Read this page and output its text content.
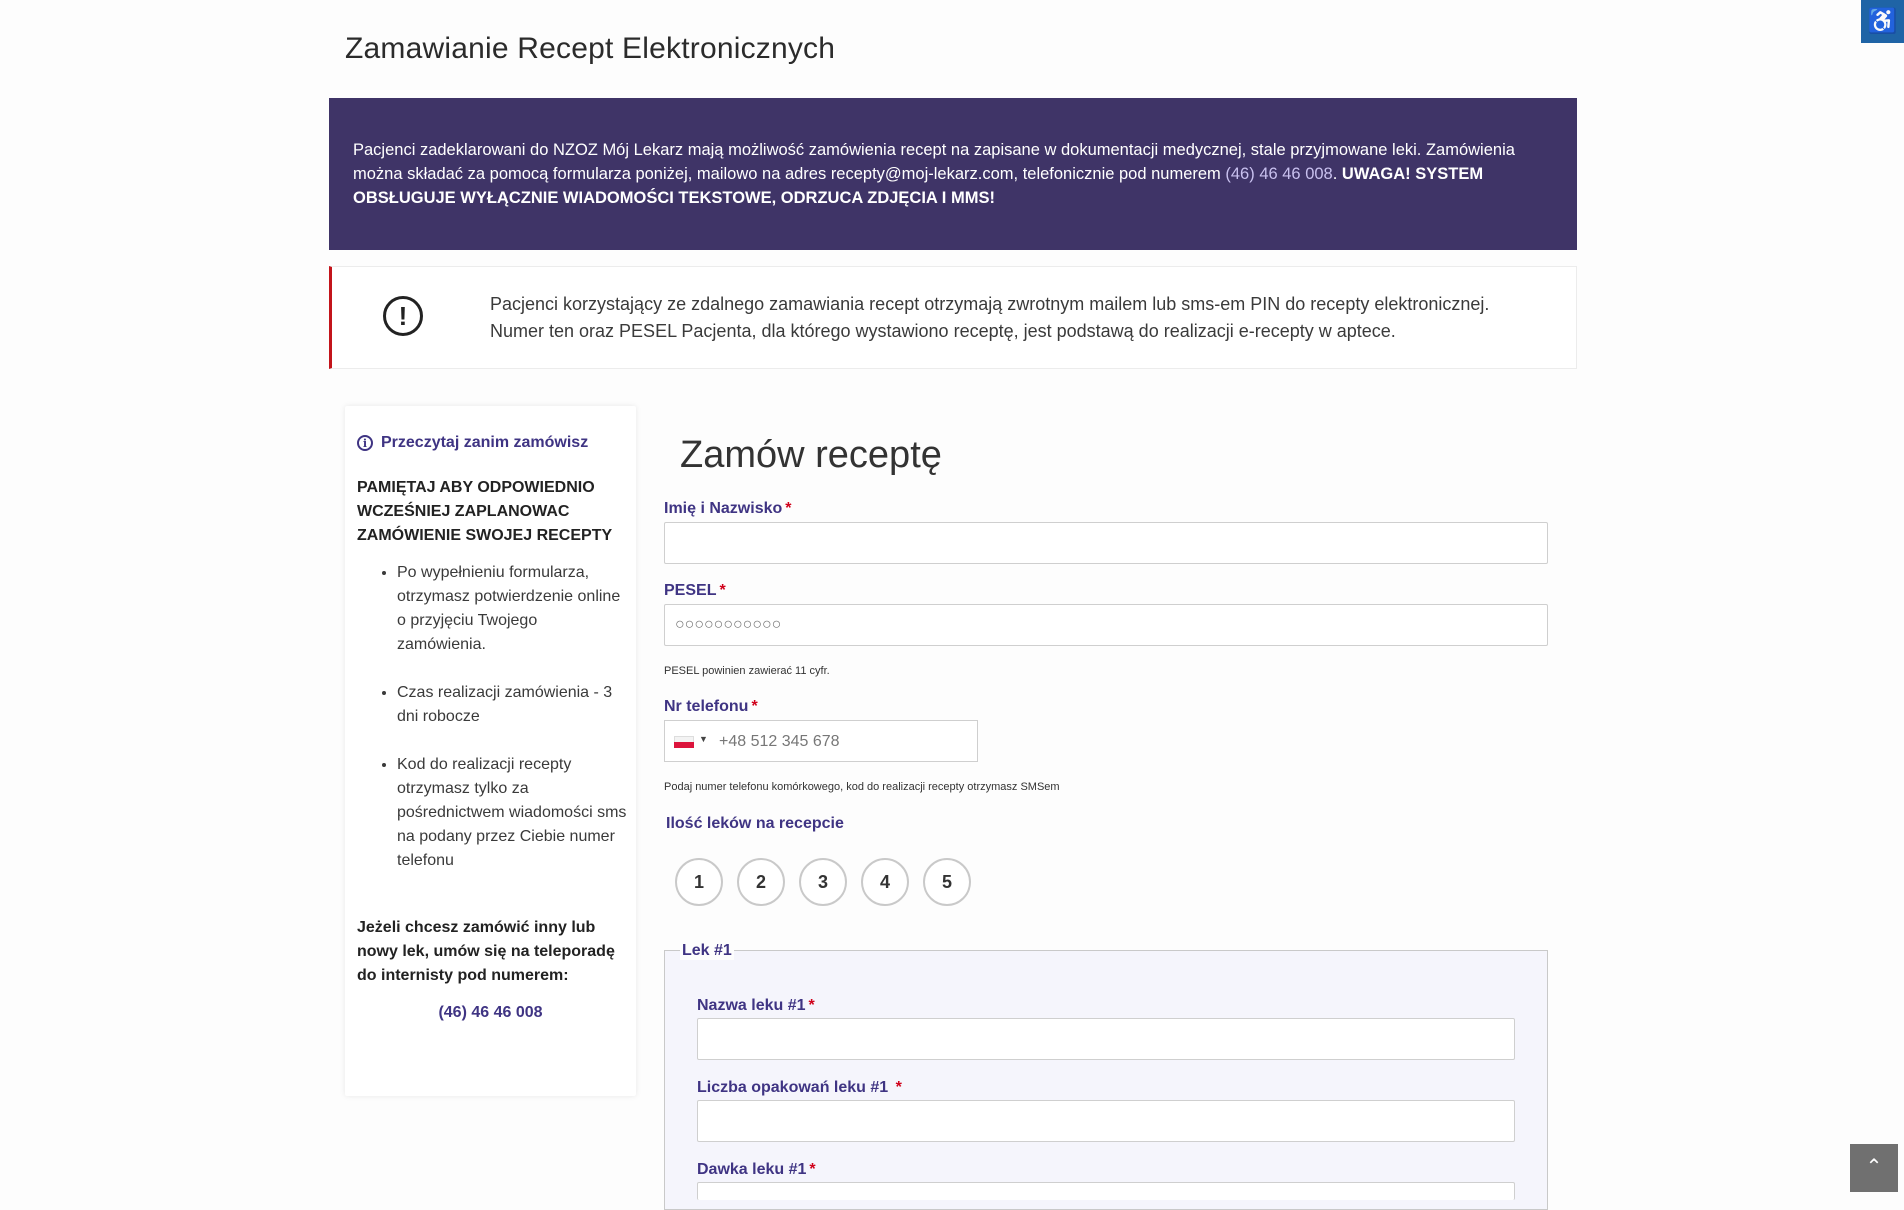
Zamawianie Recept Elektronicznych
♿
Pacjenci zadeklarowani do NZOZ Mój Lekarz mają możliwość zamówienia recept na zapisane w dokumentacji medycznej, stale przyjmowane leki. Zamówienia można składać za pomocą formularza poniżej, mailowo na adres recepty@moj-lekarz.com, telefonicznie pod numerem (46) 46 46 008. UWAGA! SYSTEM OBSŁUGUJE WYŁĄCZNIE WIADOMOŚCI TEKSTOWE, ODRZUCA ZDJĘCIA I MMS!
!	Pacjenci korzystający ze zdalnego zamawiania recept otrzymają zwrotnym mailem lub sms-em PIN do recepty elektronicznej. Numer ten oraz PESEL Pacjenta, dla którego wystawiono receptę, jest podstawą do realizacji e-recepty w aptece.
i Przeczytaj zanim zamówisz
PAMIĘTAJ ABY ODPOWIEDNIO WCZEŚNIEJ ZAPLANOWAC ZAMÓWIENIE SWOJEJ RECEPTY
• Po wypełnieniu formularza, otrzymasz potwierdzenie online o przyjęciu Twojego zamówienia.
• Czas realizacji zamówienia - 3 dni robocze
• Kod do realizacji recepty otrzymasz tylko za pośrednictwem wiadomości sms na podany przez Ciebie numer telefonu
Jeżeli chcesz zamówić inny lub nowy lek, umów się na teleporadę do internisty pod numerem:
(46) 46 46 008
Zamów receptę
Imię i Nazwisko *
PESEL *
○○○○○○○○○○○
PESEL powinien zawierać 11 cyfr.
Nr telefonu *
▼
+48 512 345 678
Podaj numer telefonu komórkowego, kod do realizacji recepty otrzymasz SMSem
Ilość leków na recepcie
1	2	3	4	5
Lek #1
Nazwa leku #1 *
Liczba opakowań leku #1 *
Dawka leku #1 *	⌃
